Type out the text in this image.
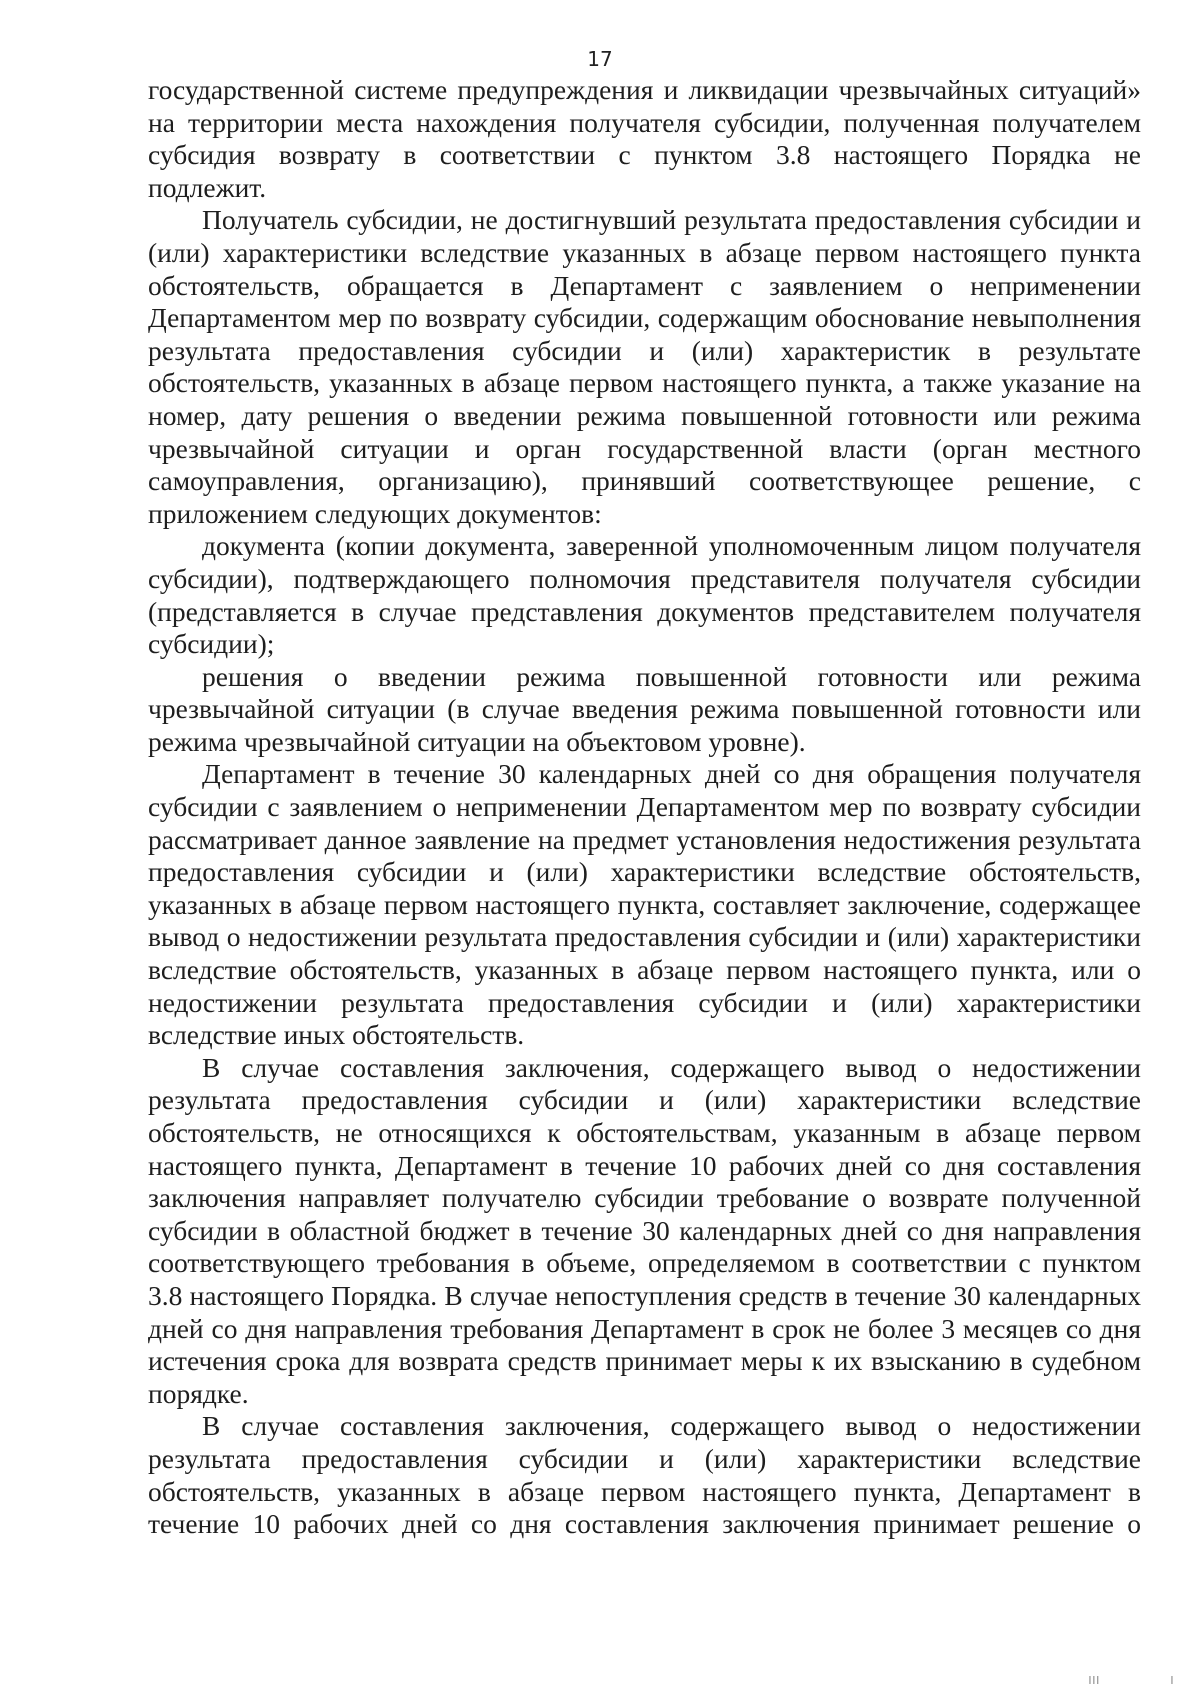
17

государственной системе предупреждения и ликвидации чрезвычайных ситуаций» на территории места нахождения получателя субсидии, полученная получателем субсидия возврату в соответствии с пунктом 3.8 настоящего Порядка не подлежит.

Получатель субсидии, не достигнувший результата предоставления субсидии и (или) характеристики вследствие указанных в абзаце первом настоящего пункта обстоятельств, обращается в Департамент с заявлением о неприменении Департаментом мер по возврату субсидии, содержащим обоснование невыполнения результата предоставления субсидии и (или) характеристик в результате обстоятельств, указанных в абзаце первом настоящего пункта, а также указание на номер, дату решения о введении режима повышенной готовности или режима чрезвычайной ситуации и орган государственной власти (орган местного самоуправления, организацию), принявший соответствующее решение, с приложением следующих документов:

документа (копии документа, заверенной уполномоченным лицом получателя субсидии), подтверждающего полномочия представителя получателя субсидии (представляется в случае представления документов представителем получателя субсидии);

решения о введении режима повышенной готовности или режима чрезвычайной ситуации (в случае введения режима повышенной готовности или режима чрезвычайной ситуации на объектовом уровне).

Департамент в течение 30 календарных дней со дня обращения получателя субсидии с заявлением о неприменении Департаментом мер по возврату субсидии рассматривает данное заявление на предмет установления недостижения результата предоставления субсидии и (или) характеристики вследствие обстоятельств, указанных в абзаце первом настоящего пункта, составляет заключение, содержащее вывод о недостижении результата предоставления субсидии и (или) характеристики вследствие обстоятельств, указанных в абзаце первом настоящего пункта, или о недостижении результата предоставления субсидии и (или) характеристики вследствие иных обстоятельств.

В случае составления заключения, содержащего вывод о недостижении результата предоставления субсидии и (или) характеристики вследствие обстоятельств, не относящихся к обстоятельствам, указанным в абзаце первом настоящего пункта, Департамент в течение 10 рабочих дней со дня составления заключения направляет получателю субсидии требование о возврате полученной субсидии в областной бюджет в течение 30 календарных дней со дня направления соответствующего требования в объеме, определяемом в соответствии с пунктом 3.8 настоящего Порядка. В случае непоступления средств в течение 30 календарных дней со дня направления требования Департамент в срок не более 3 месяцев со дня истечения срока для возврата средств принимает меры к их взысканию в судебном порядке.

В случае составления заключения, содержащего вывод о недостижении результата предоставления субсидии и (или) характеристики вследствие обстоятельств, указанных в абзаце первом настоящего пункта, Департамент в течение 10 рабочих дней со дня составления заключения принимает решение о

ııı	ı
